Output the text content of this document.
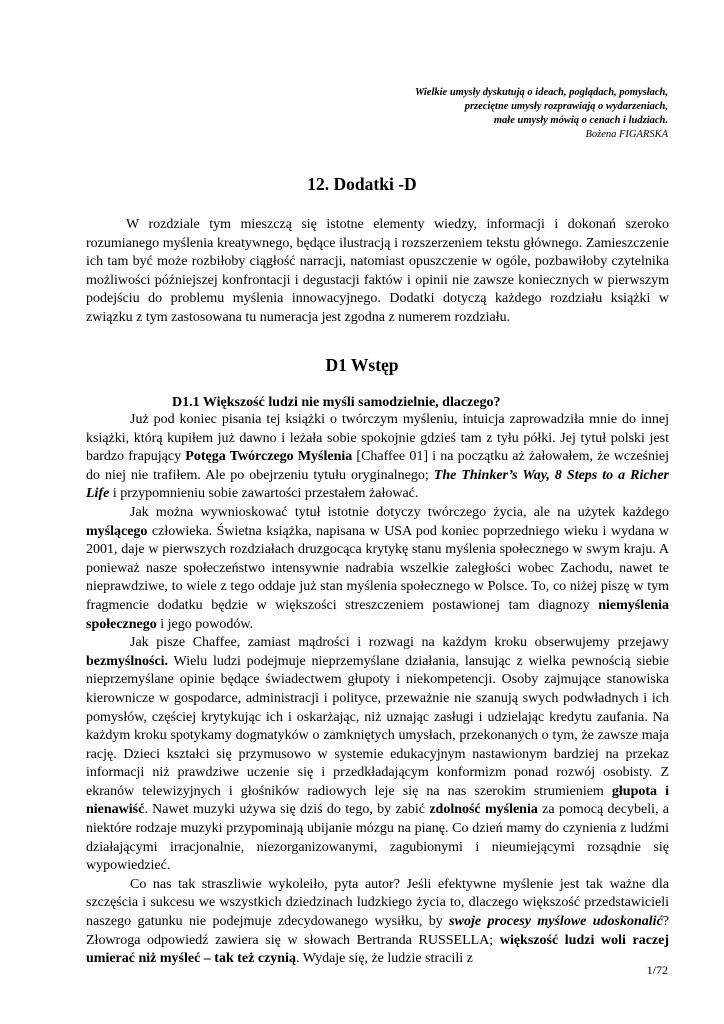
Wielkie umysły dyskutują o ideach, poglądach, pomysłach,
przeciętne umysły rozprawiają o wydarzeniach,
małe umysły mówią o cenach i ludziach.
Bożena FIGARSKA
12. Dodatki -D

W rozdziale tym mieszczą się istotne elementy wiedzy, informacji i dokonań szeroko rozumianego myślenia kreatywnego, będące ilustracją i rozszerzeniem tekstu głównego. Zamieszczenie ich tam być może rozbiłoby ciągłość narracji, natomiast opuszczenie w ogóle, pozbawiłoby czytelnika możliwości późniejszej konfrontacji i degustacji faktów i opinii nie zawsze koniecznych w pierwszym podejściu do problemu myślenia innowacyjnego. Dodatki dotyczą każdego rozdziału książki w związku z tym zastosowana tu numeracja jest zgodna z numerem rozdziału.

D1 Wstęp
D1.1 Większość ludzi nie myśli samodzielnie, dlaczego?

Już pod koniec pisania tej książki o twórczym myśleniu, intuicja zaprowadziła mnie do innej książki, którą kupiłem już dawno i leżała sobie spokojnie gdzieś tam z tyłu półki. Jej tytuł polski jest bardzo frapujący Potęga Twórczego Myślenia [Chaffee 01] i na początku aż żałowałem, że wcześniej do niej nie trafiłem. Ale po obejrzeniu tytułu oryginalnego; The Thinker’s Way, 8 Steps to a Richer Life i przypomnieniu sobie zawartości przestałem żałować.

Jak można wywnioskować tytuł istotnie dotyczy twórczego życia, ale na użytek każdego myślącego człowieka. Świetna książka, napisana w USA pod koniec poprzedniego wieku i wydana w 2001, daje w pierwszych rozdziałach druzgocąca krytykę stanu myślenia społecznego w swym kraju. A ponieważ nasze społeczeństwo intensywnie nadrabia wszelkie zaległości wobec Zachodu, nawet te nieprawdziwe, to wiele z tego oddaje już stan myślenia społecznego w Polsce. To, co niżej piszę w tym fragmencie dodatku będzie w większości streszczeniem postawionej tam diagnozy niemyślenia społecznego i jego powodów.

Jak pisze Chaffee, zamiast mądrości i rozwagi na każdym kroku obserwujemy przejawy bezmyślności. Wielu ludzi podejmuje nieprzemyślane działania, lansując z wielka pewnością siebie nieprzemyślane opinie będące świadectwem głupoty i niekompetencji. Osoby zajmujące stanowiska kierownicze w gospodarce, administracji i polityce, przeważnie nie szanują swych podwładnych i ich pomysłów, częściej krytykując ich i oskarżając, niż uznając zasługi i udzielając kredytu zaufania. Na każdym kroku spotykamy dogmatyków o zamkniętych umysłach, przekonanych o tym, że zawsze maja rację. Dzieci kształci się przymusowo w systemie edukacyjnym nastawionym bardziej na przekaz informacji niż prawdziwe uczenie się i przedkładającym konformizm ponad rozwój osobisty. Z ekranów telewizyjnych i głośników radiowych leje się na nas szerokim strumieniem głupota i nienawiść. Nawet muzyki używa się dziś do tego, by zabić zdolność myślenia za pomocą decybeli, a niektóre rodzaje muzyki przypominają ubijanie mózgu na pianę. Co dzień mamy do czynienia z ludźmi działającymi irracjonalnie, niezorganizowanymi, zagubionymi i nieumiejącymi rozsądnie się wypowiedzieć.

Co nas tak straszliwie wykoleiło, pyta autor? Jeśli efektywne myślenie jest tak ważne dla szczęścia i sukcesu we wszystkich dziedzinach ludzkiego życia to, dlaczego większość przedstawicieli naszego gatunku nie podejmuje zdecydowanego wysiłku, by swoje procesy myślowe udoskonalić? Złowroga odpowiedź zawiera się w słowach Bertranda RUSSELLA; większość ludzi woli raczej umierać niż myśleć – tak też czynią. Wydaje się, że ludzie stracili z

1/72
